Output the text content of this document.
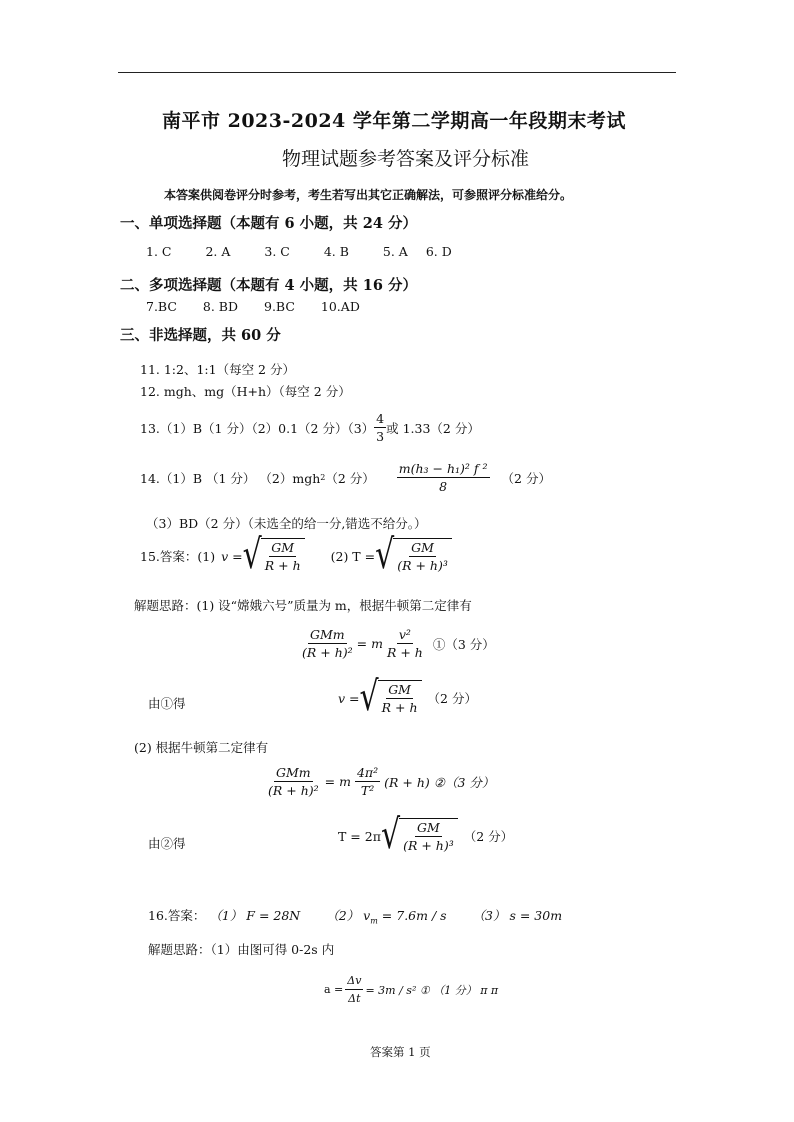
南平市 2023-2024 学年第二学期高一年段期末考试
物理试题参考答案及评分标准
本答案供阅卷评分时参考，考生若写出其它正确解法，可参照评分标准给分。
一、单项选择题（本题有 6 小题，共 24 分）
1. C	2. A	3. C	4. B	5. A 6. D
二、多项选择题（本题有 4 小题，共 16 分）
7.BC 8. BD 9.BC 10.AD
三、非选择题，共 60 分
11. 1:2、1:1（每空 2 分）
12. mgh、mg（H+h）（每空 2 分）
13.（1）B（1 分）（2）0.1（2 分）$(3) \frac{4}{3}$ 或 1.33（2 分）
14.（1）B （1 分） （2）mgh 2 （2 分） $\frac{\text{m(h₃ − h₁)² f ²}}{8} (2$ 分）
（3）BD（2 分）（未选全的给一分,错选不给分。）
15.答案：(1) v = √ $\frac{GM}{R + h} (2) T$ = √ $\frac{GM}{\text{(R + h)³}}$
解题思路：(1) 设“嫦娥六号”质量为 m，根据牛顿第二定律有
$\frac{\text{GMm}}{\text{(R + h)²}} = m \frac{\text{v²}}{R + h}$ ①（3 分）
由①得	v = √ $\frac{GM}{R + h} (2$ 分）
(2) 根据牛顿第二定律有
$\frac{\text{GMm}}{\text{(R + h)²}} = m \frac{\text{4π²}}{\text{T²}} (R + h)$ ②（3 分）
由②得	T = 2π √ $\frac{GM}{\text{(R + h)³}} (2$ 分）
16.答案： （1） F = 28N （2） $v_m = 7.6m / s$ （3） s = 30m
解题思路：（1）由图可得 0-2s 内
$a = \frac{\Delta v}{\Delta t} = 3m / s^2$ ① （1 分） π π
答案第 1 页
